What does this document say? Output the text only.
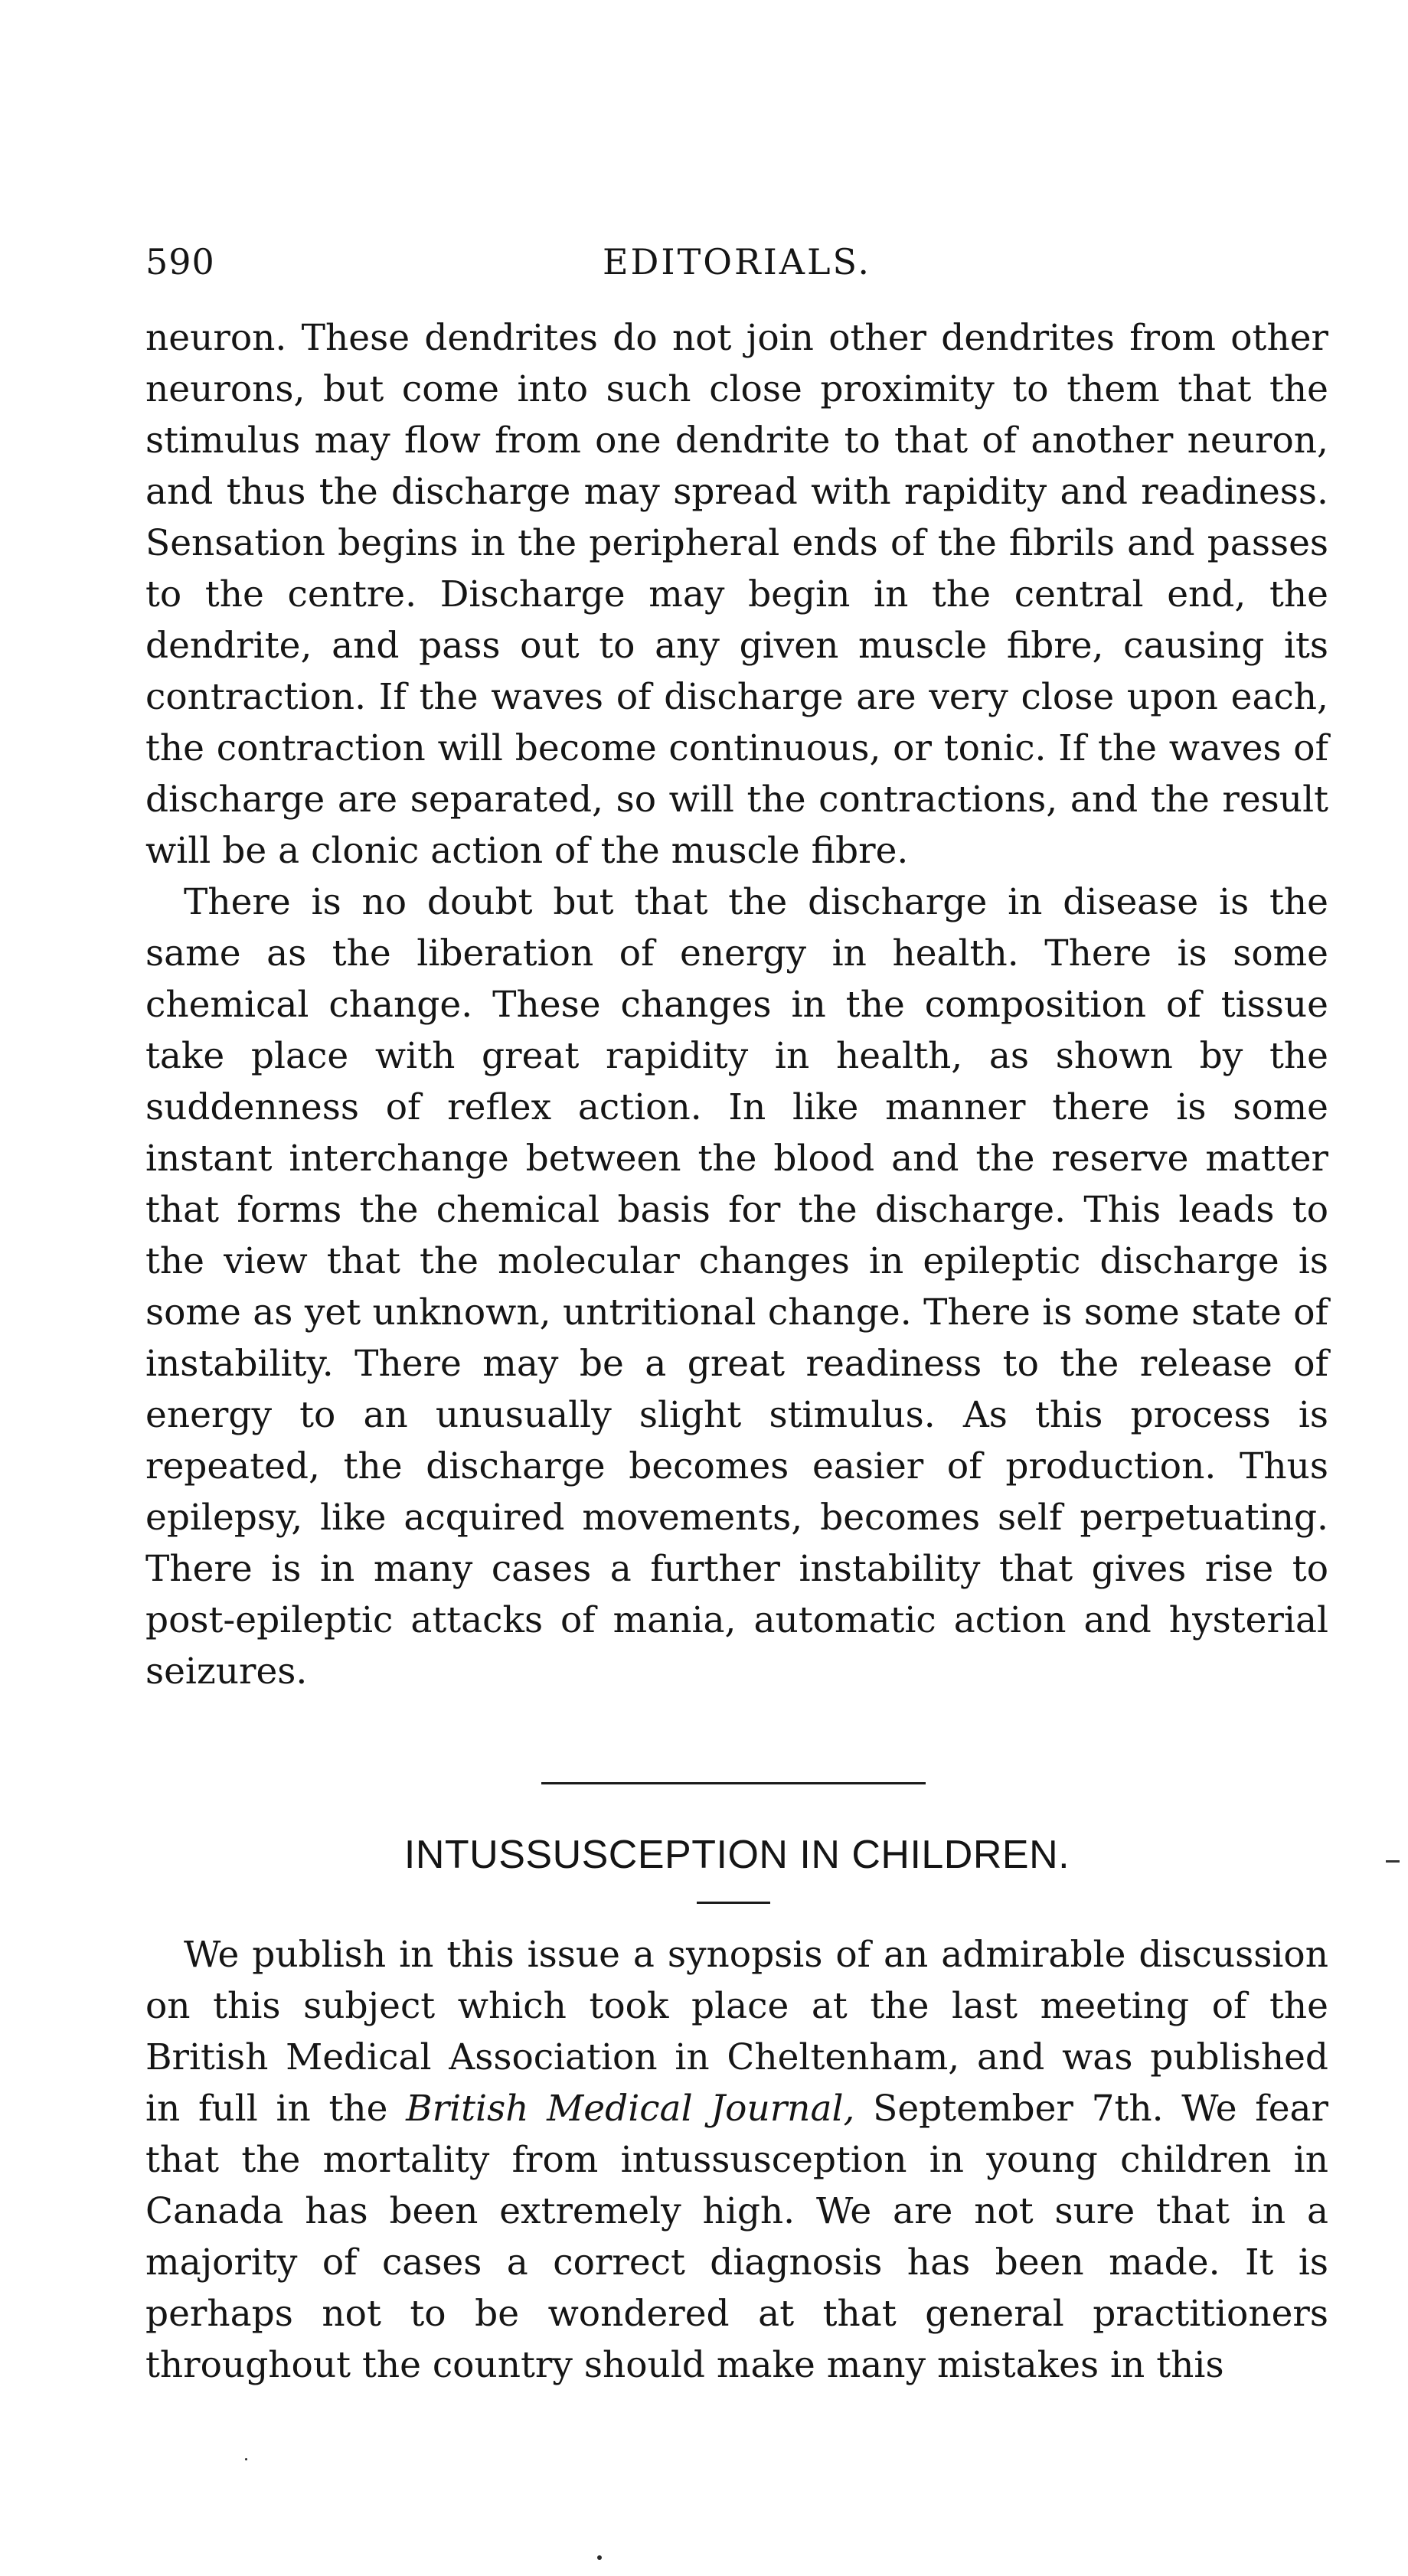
590	EDITORIALS.

neuron. These dendrites do not join other dendrites from other neurons, but come into such close proximity to them that the stimulus may flow from one dendrite to that of another neuron, and thus the discharge may spread with rapidity and readiness. Sensation begins in the peripheral ends of the fibrils and passes to the centre. Discharge may begin in the central end, the dendrite, and pass out to any given muscle fibre, causing its contraction. If the waves of discharge are very close upon each, the contraction will become continuous, or tonic. If the waves of discharge are separated, so will the contractions, and the result will be a clonic action of the muscle fibre.

There is no doubt but that the discharge in disease is the same as the liberation of energy in health. There is some chemical change. These changes in the composition of tissue take place with great rapidity in health, as shown by the suddenness of reflex action. In like manner there is some instant interchange between the blood and the reserve matter that forms the chemical basis for the discharge. This leads to the view that the molecular changes in epileptic discharge is some as yet unknown, untritional change. There is some state of instability. There may be a great readiness to the release of energy to an unusually slight stimulus. As this process is repeated, the discharge becomes easier of production. Thus epilepsy, like acquired movements, becomes self perpetuating. There is in many cases a further instability that gives rise to post-epileptic attacks of mania, automatic action and hysterial seizures.

INTUSSUSCEPTION IN CHILDREN.

We publish in this issue a synopsis of an admirable discussion on this subject which took place at the last meeting of the British Medical Association in Cheltenham, and was published in full in the British Medical Journal, September 7th. We fear that the mortality from intussusception in young children in Canada has been extremely high. We are not sure that in a majority of cases a correct diagnosis has been made. It is perhaps not to be wondered at that general practitioners throughout the country should make many mistakes in this
